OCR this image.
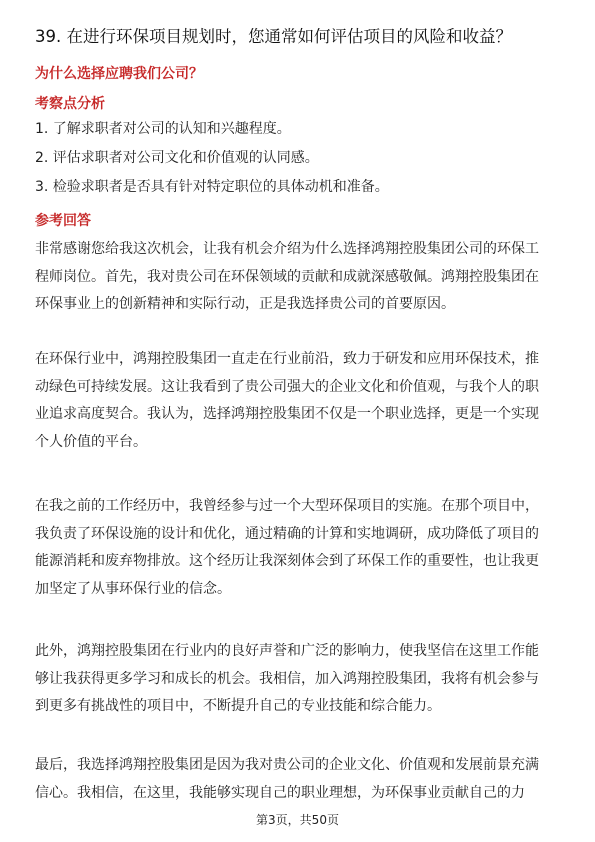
39. 在进行环保项目规划时，您通常如何评估项目的风险和收益？
为什么选择应聘我们公司？
考察点分析
1. 了解求职者对公司的认知和兴趣程度。
2. 评估求职者对公司文化和价值观的认同感。
3. 检验求职者是否具有针对特定职位的具体动机和准备。
参考回答
非常感谢您给我这次机会，让我有机会介绍为什么选择鸿翔控股集团公司的环保工
程师岗位。首先，我对贵公司在环保领域的贡献和成就深感敬佩。鸿翔控股集团在
环保事业上的创新精神和实际行动，正是我选择贵公司的首要原因。
在环保行业中，鸿翔控股集团一直走在行业前沿，致力于研发和应用环保技术，推
动绿色可持续发展。这让我看到了贵公司强大的企业文化和价值观，与我个人的职
业追求高度契合。我认为，选择鸿翔控股集团不仅是一个职业选择，更是一个实现
个人价值的平台。
在我之前的工作经历中，我曾经参与过一个大型环保项目的实施。在那个项目中，
我负责了环保设施的设计和优化，通过精确的计算和实地调研，成功降低了项目的
能源消耗和废弃物排放。这个经历让我深刻体会到了环保工作的重要性，也让我更
加坚定了从事环保行业的信念。
此外，鸿翔控股集团在行业内的良好声誉和广泛的影响力，使我坚信在这里工作能
够让我获得更多学习和成长的机会。我相信，加入鸿翔控股集团，我将有机会参与
到更多有挑战性的项目中，不断提升自己的专业技能和综合能力。
最后，我选择鸿翔控股集团是因为我对贵公司的企业文化、价值观和发展前景充满
信心。我相信，在这里，我能够实现自己的职业理想，为环保事业贡献自己的力
第3页，共50页
